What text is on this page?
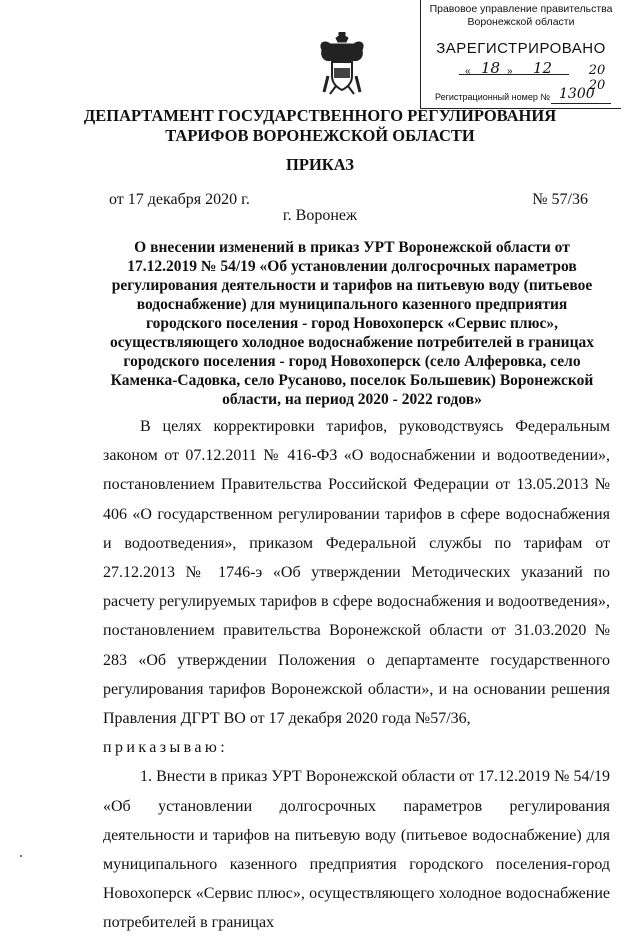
Правовое управление правительства
Воронежской области
ЗАРЕГИСТРИРОВАНО
« 18 » 12	20 20
Регистрационный номер № 1300
ДЕПАРТАМЕНТ ГОСУДАРСТВЕННОГО РЕГУЛИРОВАНИЯ
ТАРИФОВ ВОРОНЕЖСКОЙ ОБЛАСТИ
ПРИКАЗ
от 17 декабря 2020 г.	№ 57/36
г. Воронеж
О внесении изменений в приказ УРТ Воронежской области от 17.12.2019 № 54/19 «Об установлении долгосрочных параметров регулирования деятельности и тарифов на питьевую воду (питьевое водоснабжение) для муниципального казенного предприятия городского поселения - город Новохоперск «Сервис плюс», осуществляющего холодное водоснабжение потребителей в границах городского поселения - город Новохоперск (село Алферовка, село Каменка-Садовка, село Русаново, поселок Большевик) Воронежской области, на период 2020 - 2022 годов»

В целях корректировки тарифов, руководствуясь Федеральным законом от 07.12.2011 № 416-ФЗ «О водоснабжении и водоотведении», постановлением Правительства Российской Федерации от 13.05.2013 № 406 «О государственном регулировании тарифов в сфере водоснабжения и водоотведения», приказом Федеральной службы по тарифам от 27.12.2013 № 1746-э «Об утверждении Методических указаний по расчету регулируемых тарифов в сфере водоснабжения и водоотведения», постановлением правительства Воронежской области от 31.03.2020 № 283 «Об утверждении Положения о департаменте государственного регулирования тарифов Воронежской области», и на основании решения Правления ДГРТ ВО от 17 декабря 2020 года №57/36,

приказываю:

1. Внести в приказ УРТ Воронежской области от 17.12.2019 № 54/19 «Об установлении долгосрочных параметров регулирования деятельности и тарифов на питьевую воду (питьевое водоснабжение) для муниципального казенного предприятия городского поселения-город Новохоперск «Сервис плюс», осуществляющего холодное водоснабжение потребителей в границах
